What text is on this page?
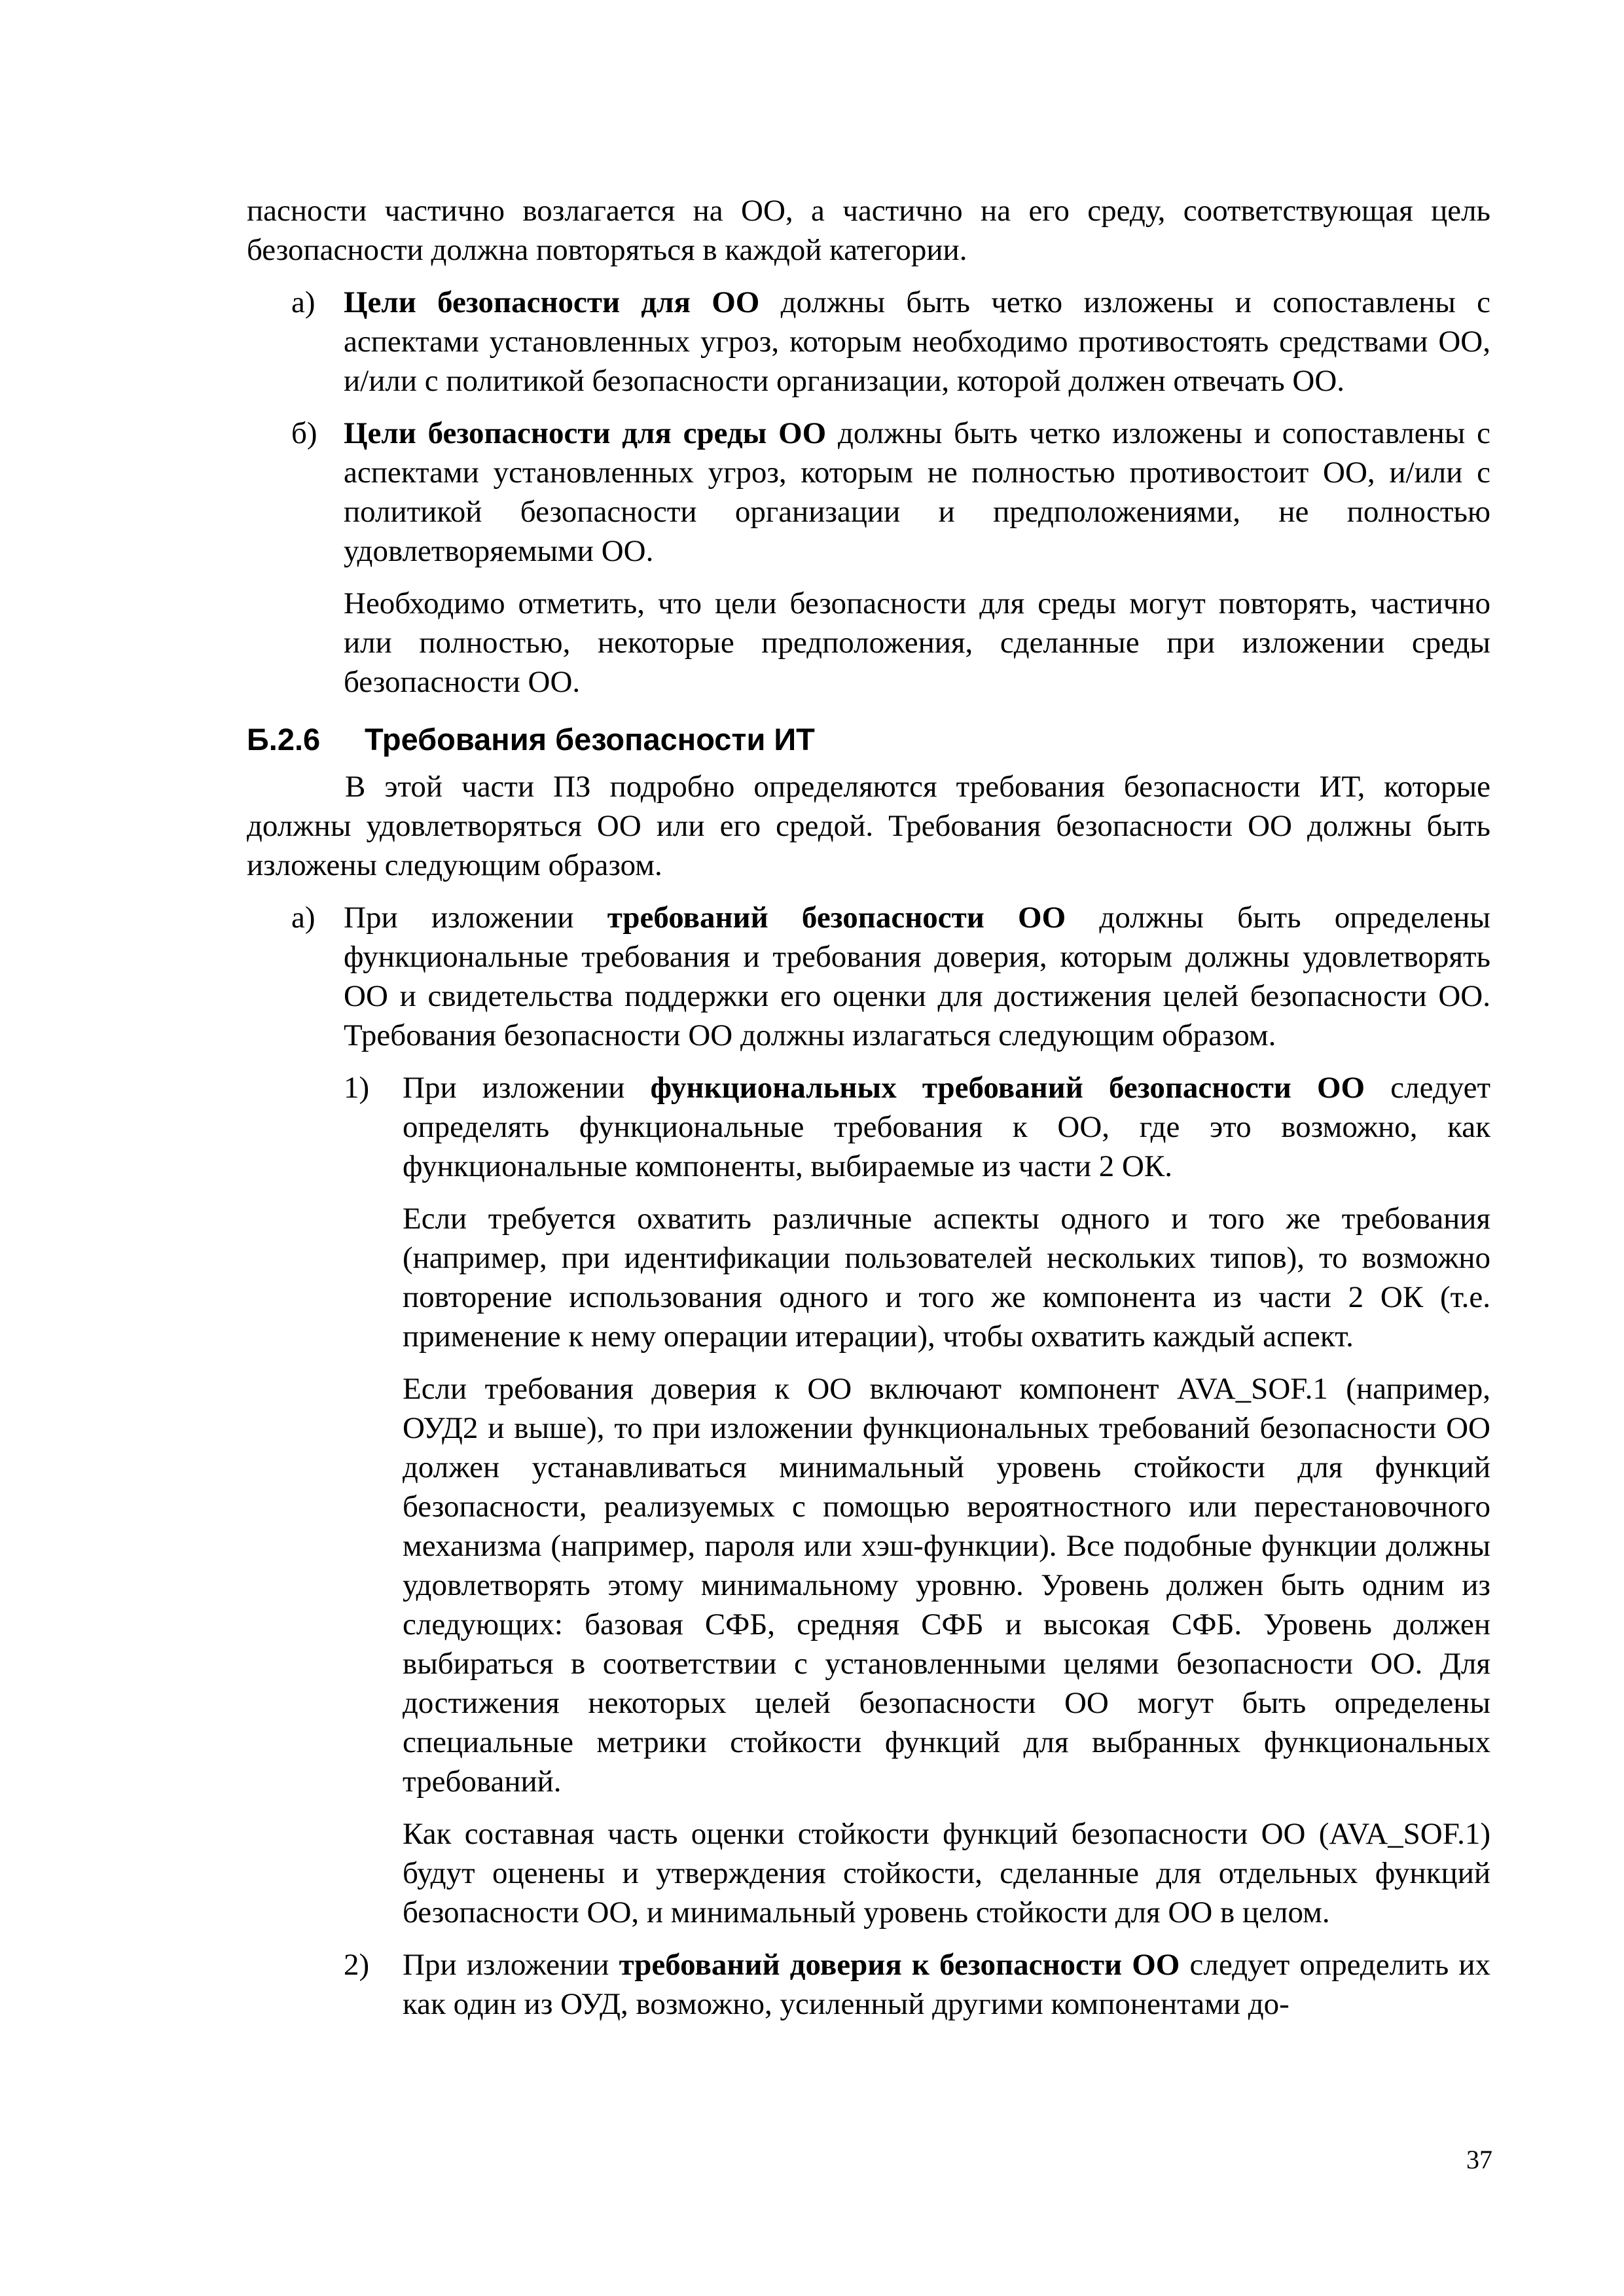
пасности частично возлагается на ОО, а частично на его среду, соответствующая цель безопасности должна повторяться в каждой категории.

а) Цели безопасности для ОО должны быть четко изложены и сопоставлены с аспектами установленных угроз, которым необходимо противостоять средствами ОО, и/или с политикой безопасности организации, которой должен отвечать ОО.

б) Цели безопасности для среды ОО должны быть четко изложены и сопоставлены с аспектами установленных угроз, которым не полностью противостоит ОО, и/или с политикой безопасности организации и предположениями, не полностью удовлетворяемыми ОО.

Необходимо отметить, что цели безопасности для среды могут повторять, частично или полностью, некоторые предположения, сделанные при изложении среды безопасности ОО.

Б.2.6	Требования безопасности ИТ

В этой части ПЗ подробно определяются требования безопасности ИТ, которые должны удовлетворяться ОО или его средой. Требования безопасности ОО должны быть изложены следующим образом.

а) При изложении требований безопасности ОО должны быть определены функциональные требования и требования доверия, которым должны удовлетворять ОО и свидетельства поддержки его оценки для достижения целей безопасности ОО. Требования безопасности ОО должны излагаться следующим образом.

1)	При изложении функциональных требований безопасности ОО следует определять функциональные требования к ОО, где это возможно, как функциональные компоненты, выбираемые из части 2 ОК.

Если требуется охватить различные аспекты одного и того же требования (например, при идентификации пользователей нескольких типов), то возможно повторение использования одного и того же компонента из части 2 ОК (т.е. применение к нему операции итерации), чтобы охватить каждый аспект.

Если требования доверия к ОО включают компонент AVA_SOF.1 (например, ОУД2 и выше), то при изложении функциональных требований безопасности ОО должен устанавливаться минимальный уровень стойкости для функций безопасности, реализуемых с помощью вероятностного или перестановочного механизма (например, пароля или хэш-функции). Все подобные функции должны удовлетворять этому минимальному уровню. Уровень должен быть одним из следующих: базовая СФБ, средняя СФБ и высокая СФБ. Уровень должен выбираться в соответствии с установленными целями безопасности ОО. Для достижения некоторых целей безопасности ОО могут быть определены специальные метрики стойкости функций для выбранных функциональных требований.

Как составная часть оценки стойкости функций безопасности ОО (AVA_SOF.1) будут оценены и утверждения стойкости, сделанные для отдельных функций безопасности ОО, и минимальный уровень стойкости для ОО в целом.

2)	При изложении требований доверия к безопасности ОО следует определить их как один из ОУД, возможно, усиленный другими компонентами до-

37
